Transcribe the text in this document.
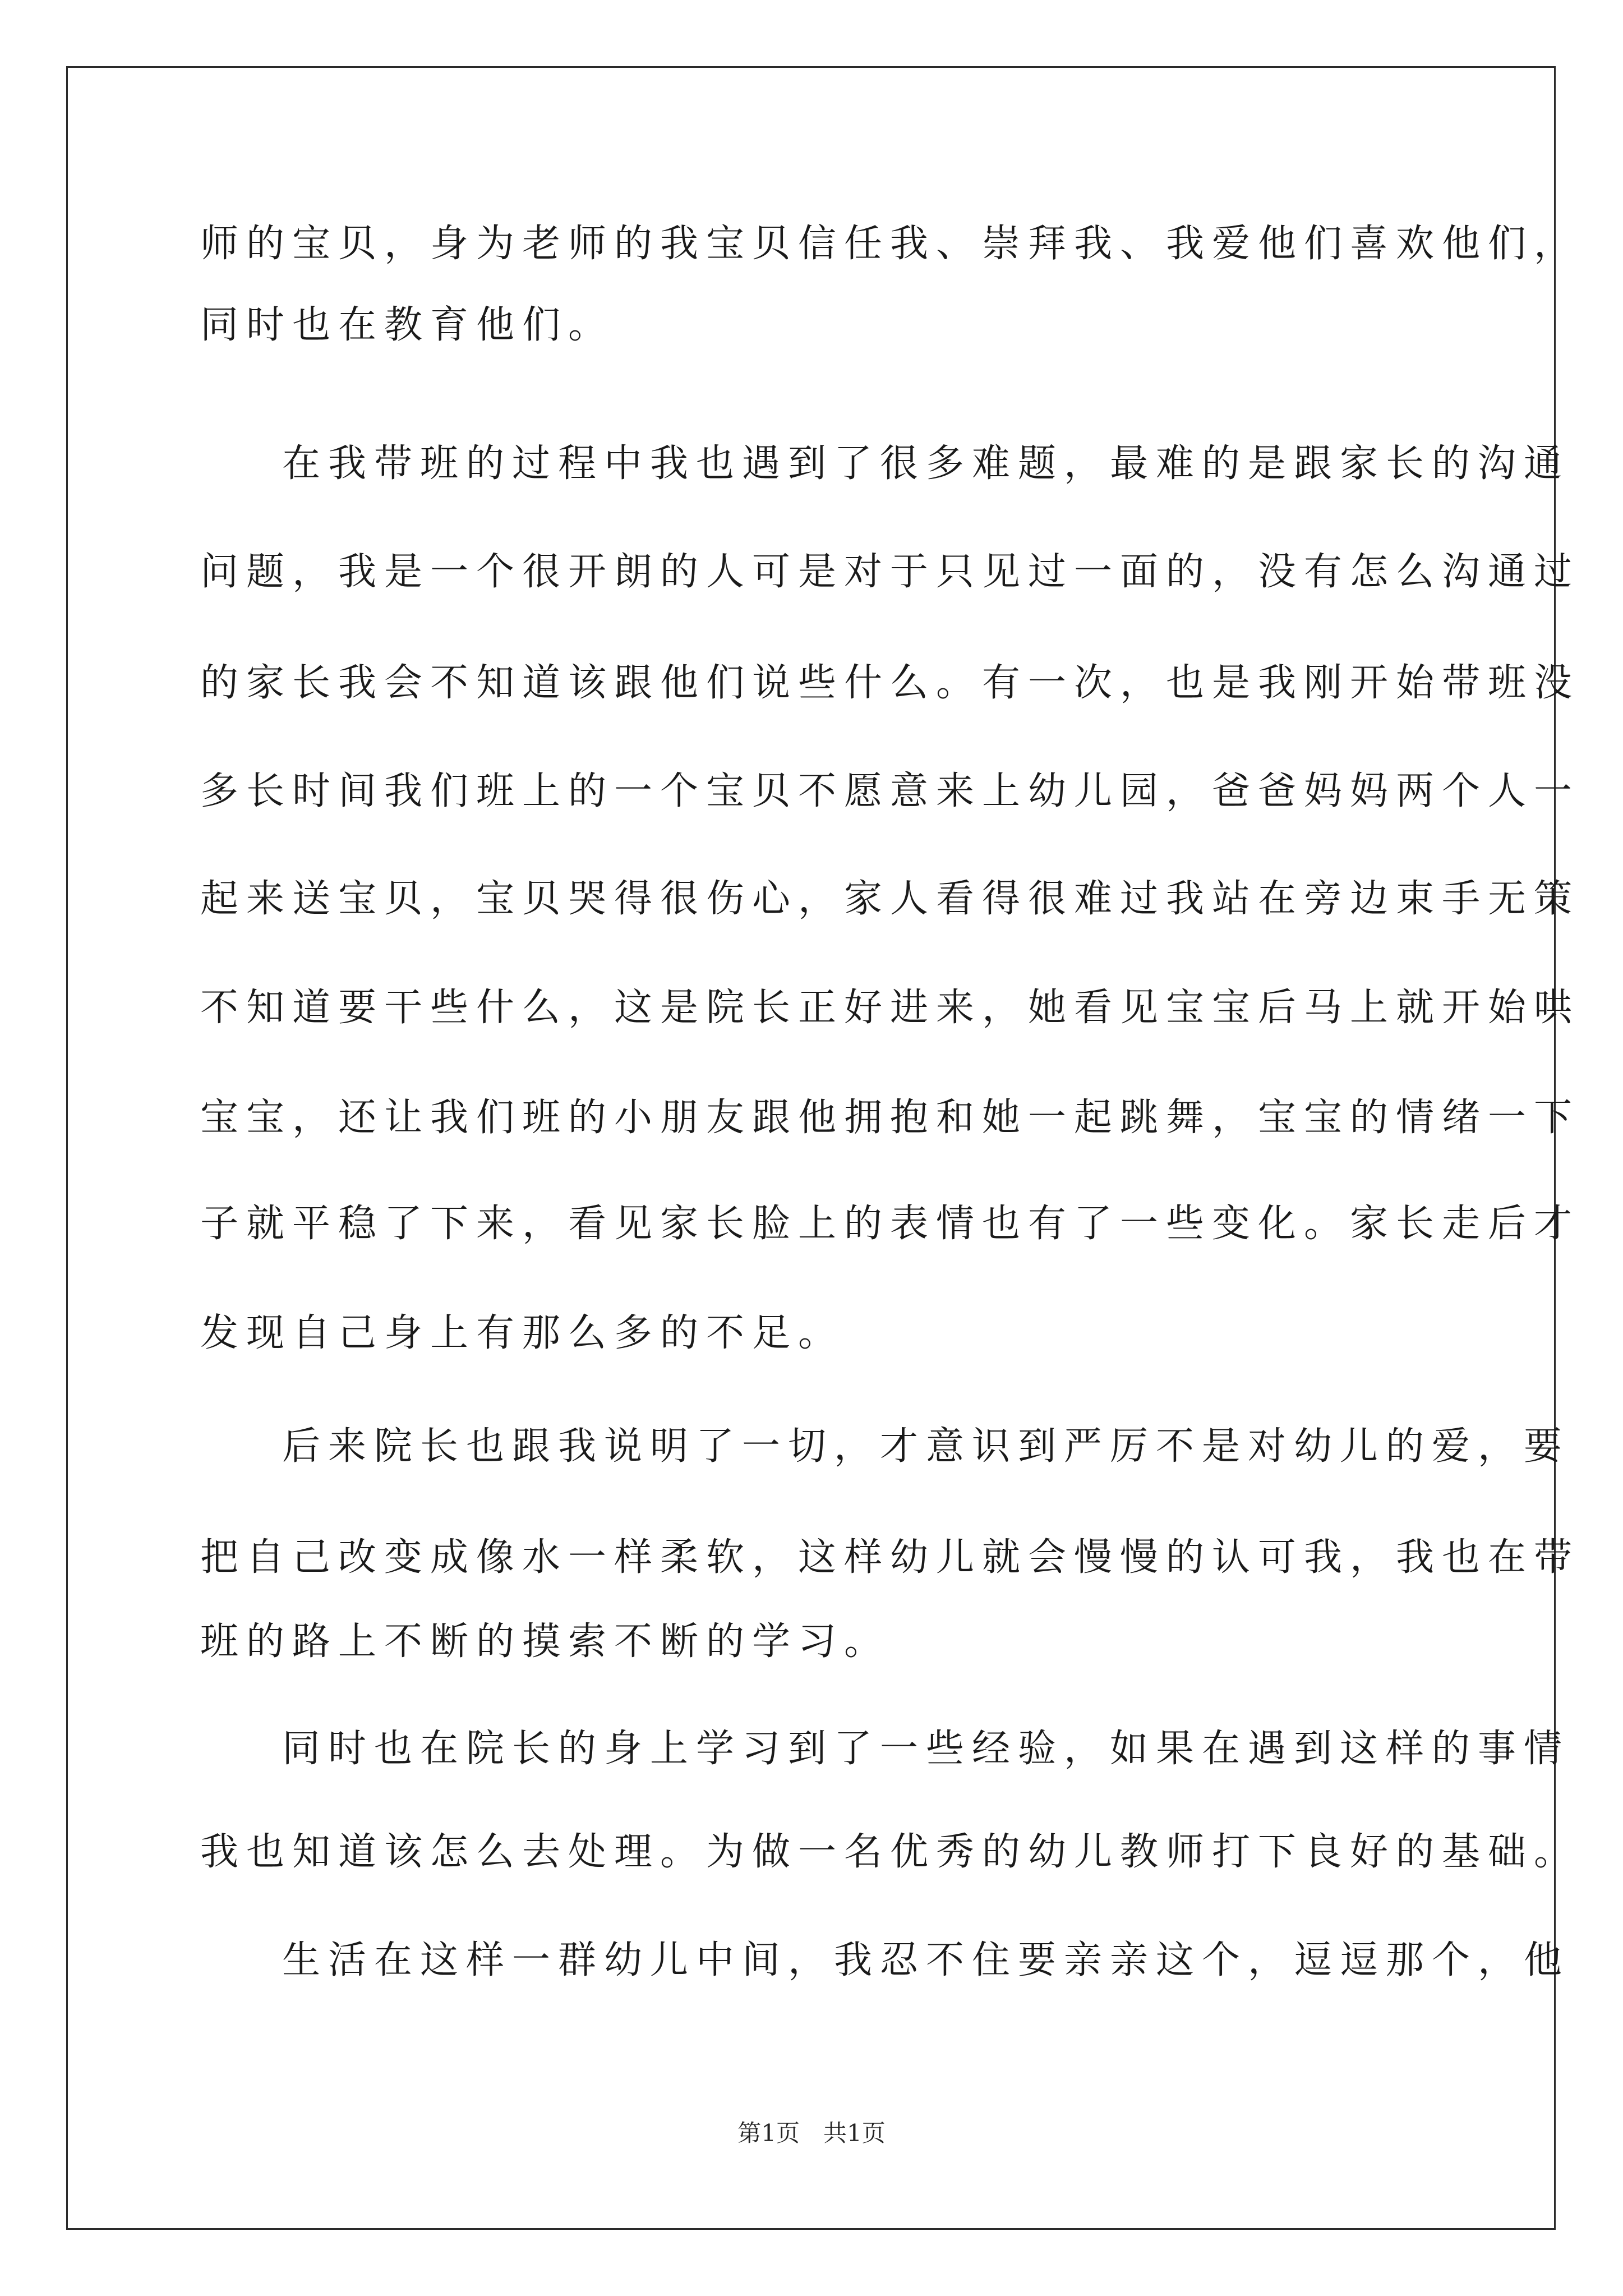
师的宝贝，身为老师的我宝贝信任我、崇拜我、我爱他们喜欢他们，
同时也在教育他们。
在我带班的过程中我也遇到了很多难题，最难的是跟家长的沟通
问题，我是一个很开朗的人可是对于只见过一面的，没有怎么沟通过
的家长我会不知道该跟他们说些什么。有一次，也是我刚开始带班没
多长时间我们班上的一个宝贝不愿意来上幼儿园，爸爸妈妈两个人一
起来送宝贝，宝贝哭得很伤心，家人看得很难过我站在旁边束手无策
不知道要干些什么，这是院长正好进来，她看见宝宝后马上就开始哄
宝宝，还让我们班的小朋友跟他拥抱和她一起跳舞，宝宝的情绪一下
子就平稳了下来，看见家长脸上的表情也有了一些变化。家长走后才
发现自己身上有那么多的不足。
后来院长也跟我说明了一切，才意识到严厉不是对幼儿的爱，要
把自己改变成像水一样柔软，这样幼儿就会慢慢的认可我，我也在带
班的路上不断的摸索不断的学习。
同时也在院长的身上学习到了一些经验，如果在遇到这样的事情
我也知道该怎么去处理。为做一名优秀的幼儿教师打下良好的基础。
生活在这样一群幼儿中间，我忍不住要亲亲这个，逗逗那个，他
第1页　共1页
